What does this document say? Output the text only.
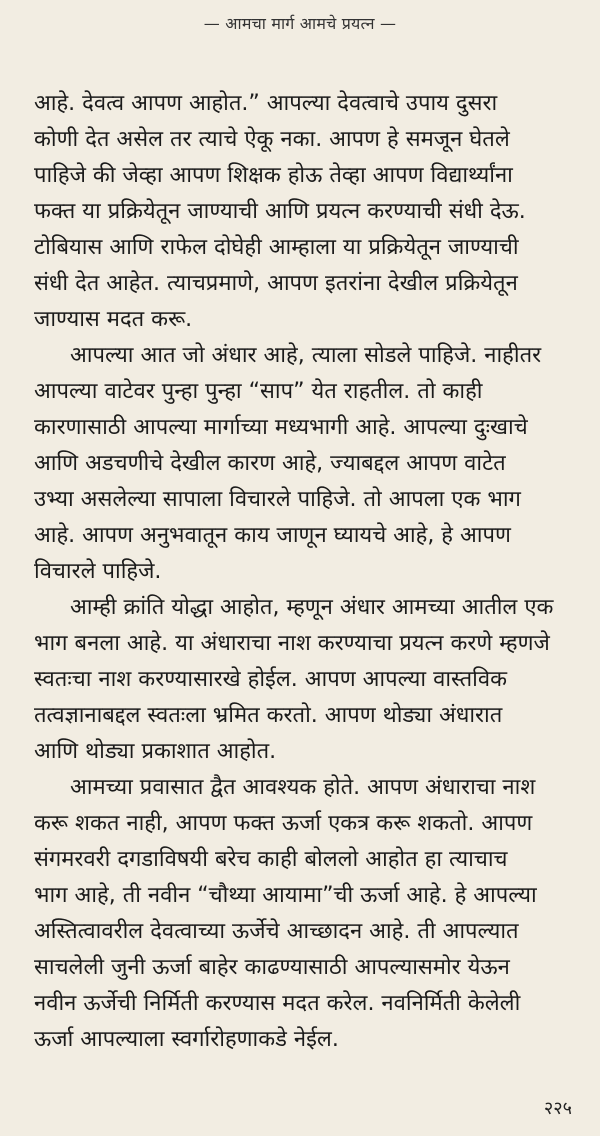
— आमचा मार्ग आमचे प्रयत्न —
आहे. देवत्व आपण आहोत.” आपल्या देवत्वाचे उपाय दुसरा
कोणी देत असेल तर त्याचे ऐकू नका. आपण हे समजून घेतले
पाहिजे की जेव्हा आपण शिक्षक होऊ तेव्हा आपण विद्यार्थ्यांना
फक्त या प्रक्रियेतून जाण्याची आणि प्रयत्न करण्याची संधी देऊ.
टोबियास आणि राफेल दोघेही आम्हाला या प्रक्रियेतून जाण्याची
संधी देत आहेत. त्याचप्रमाणे, आपण इतरांना देखील प्रक्रियेतून
जाण्यास मदत करू.
आपल्या आत जो अंधार आहे, त्याला सोडले पाहिजे. नाहीतर
आपल्या वाटेवर पुन्हा पुन्हा “साप” येत राहतील. तो काही
कारणासाठी आपल्या मार्गाच्या मध्यभागी आहे. आपल्या दुःखाचे
आणि अडचणीचे देखील कारण आहे, ज्याबद्दल आपण वाटेत
उभ्या असलेल्या सापाला विचारले पाहिजे. तो आपला एक भाग
आहे. आपण अनुभवातून काय जाणून घ्यायचे आहे, हे आपण
विचारले पाहिजे.
आम्ही क्रांति योद्धा आहोत, म्हणून अंधार आमच्या आतील एक
भाग बनला आहे. या अंधाराचा नाश करण्याचा प्रयत्न करणे म्हणजे
स्वतःचा नाश करण्यासारखे होईल. आपण आपल्या वास्तविक
तत्वज्ञानाबद्दल स्वतःला भ्रमित करतो. आपण थोड्या अंधारात
आणि थोड्या प्रकाशात आहोत.
आमच्या प्रवासात द्वैत आवश्यक होते. आपण अंधाराचा नाश
करू शकत नाही, आपण फक्त ऊर्जा एकत्र करू शकतो. आपण
संगमरवरी दगडाविषयी बरेच काही बोललो आहोत हा त्याचाच
भाग आहे, ती नवीन “चौथ्या आयामा”ची ऊर्जा आहे. हे आपल्या
अस्तित्वावरील देवत्वाच्या ऊर्जेचे आच्छादन आहे. ती आपल्यात
साचलेली जुनी ऊर्जा बाहेर काढण्यासाठी आपल्यासमोर येऊन
नवीन ऊर्जेची निर्मिती करण्यास मदत करेल. नवनिर्मिती केलेली
ऊर्जा आपल्याला स्वर्गारोहणाकडे नेईल.
२२५
